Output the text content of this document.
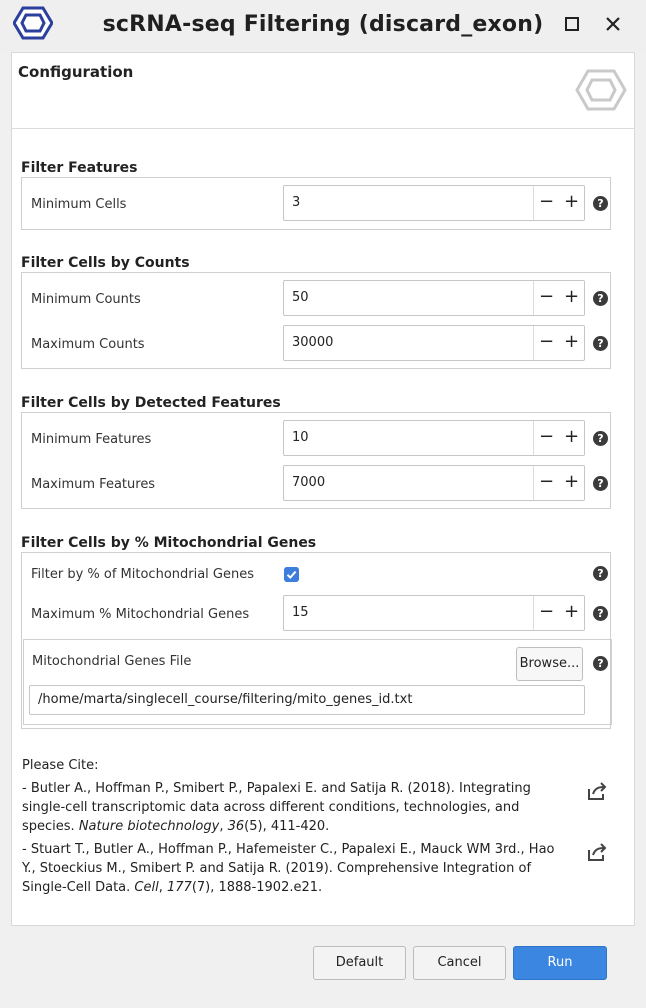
scRNA-seq Filtering (discard_exon)
Configuration
Filter Features
Minimum Cells	3	− +	?
Filter Cells by Counts
Minimum Counts	50	− +	?
Maximum Counts	30000	− +	?
Filter Cells by Detected Features
Minimum Features	10	− +	?
Maximum Features	7000	− +	?
Filter Cells by % Mitochondrial Genes
Filter by % of Mitochondrial Genes	?
Maximum % Mitochondrial Genes	15	− +	?
Mitochondrial Genes File	Browse...	?
/home/marta/singlecell_course/filtering/mito_genes_id.txt
Please Cite:
- Butler A., Hoffman P., Smibert P., Papalexi E. and Satija R. (2018). Integrating single-cell transcriptomic data across different conditions, technologies, and species. Nature biotechnology, 36(5), 411-420.
- Stuart T., Butler A., Hoffman P., Hafemeister C., Papalexi E., Mauck WM 3rd., Hao Y., Stoeckius M., Smibert P. and Satija R. (2019). Comprehensive Integration of Single-Cell Data. Cell, 177(7), 1888-1902.e21.
Default	Cancel	Run
